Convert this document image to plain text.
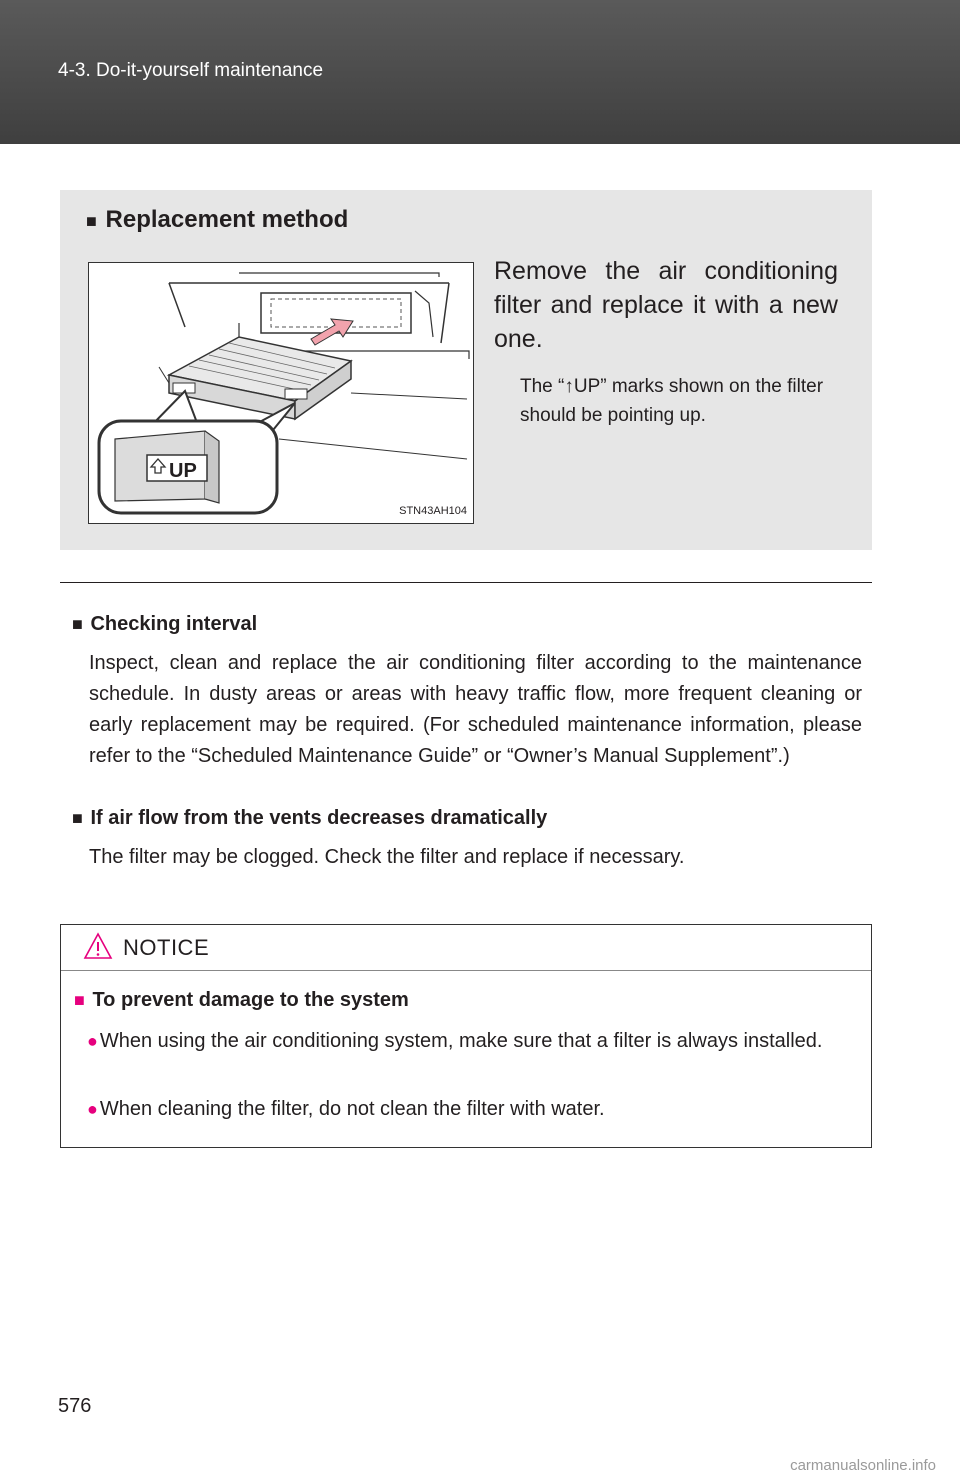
4-3. Do-it-yourself maintenance
■ Replacement method
UP
STN43AH104
Remove the air conditioning filter and replace it with a new one.
The “↑UP” marks shown on the filter should be pointing up.
■ Checking interval
Inspect, clean and replace the air conditioning filter according to the maintenance schedule. In dusty areas or areas with heavy traffic flow, more frequent cleaning or early replacement may be required. (For scheduled maintenance information, please refer to the “Scheduled Maintenance Guide” or “Owner’s Manual Supplement”.)
■ If air flow from the vents decreases dramatically
The filter may be clogged. Check the filter and replace if necessary.
NOTICE
■ To prevent damage to the system
● When using the air conditioning system, make sure that a filter is always installed.
● When cleaning the filter, do not clean the filter with water.
576
carmanualsonline.info
